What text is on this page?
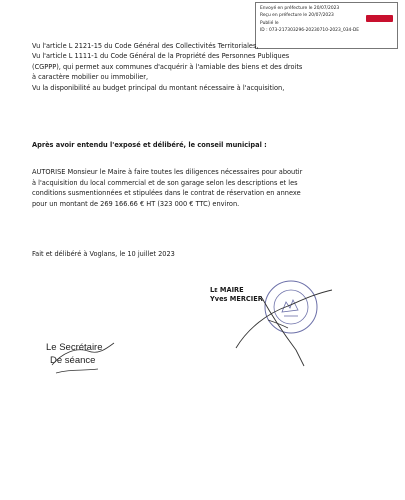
Envoyé en préfecture le 20/07/2023
Reçu en préfecture le 20/07/2023
Publié le
ID : 073-217303296-20230710-2023_034-DE
Vu l'article L 2121-15 du Code Général des Collectivités Territoriales,
Vu l'article L 1111-1 du Code Général de la Propriété des Personnes Publiques
(CGPPP), qui permet aux communes d'acquérir à l'amiable des biens et des droits
à caractère mobilier ou immobilier,
Vu la disponibilité au budget principal du montant nécessaire à l'acquisition,
Après avoir entendu l'exposé et délibéré, le conseil municipal :
AUTORISE Monsieur le Maire à faire toutes les diligences nécessaires pour aboutir
à l'acquisition du local commercial et de son garage selon les descriptions et les
conditions susmentionnées et stipulées dans le contrat de réservation en annexe
pour un montant de 269 166.66 € HT (323 000 € TTC) environ.
Fait et délibéré à Voglans, le 10 juillet 2023
Le MAIRE
Yves MERCIER
Le Secrétaire
De séance
